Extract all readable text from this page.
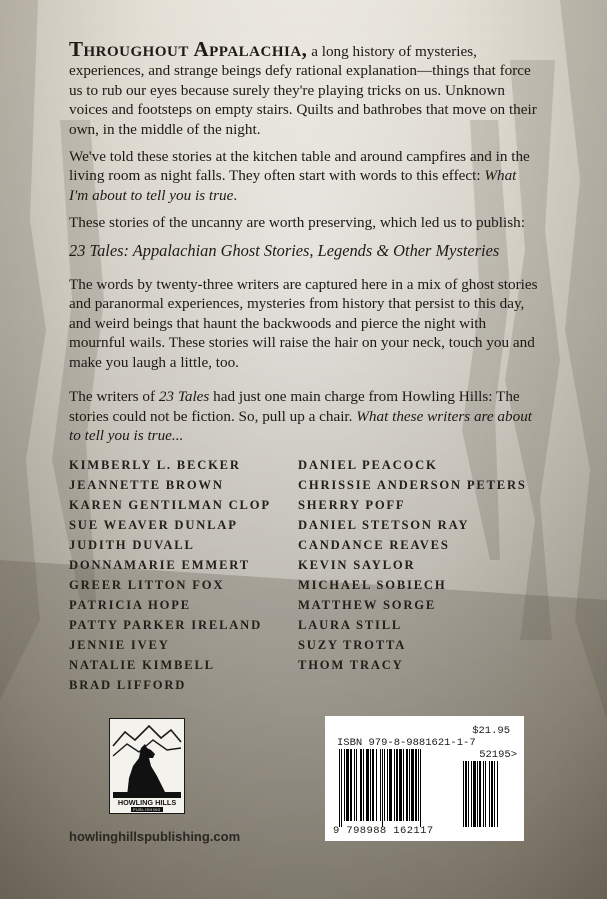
Throughout Appalachia, a long history of mysteries, experiences, and strange beings defy rational explanation—things that force us to rub our eyes because surely they're playing tricks on us. Unknown voices and footsteps on empty stairs. Quilts and bathrobes that move on their own, in the middle of the night.

We've told these stories at the kitchen table and around campfires and in the living room as night falls. They often start with words to this effect: What I'm about to tell you is true.

These stories of the uncanny are worth preserving, which led us to publish:

23 Tales: Appalachian Ghost Stories, Legends & Other Mysteries

The words by twenty-three writers are captured here in a mix of ghost stories and paranormal experiences, mysteries from history that persist to this day, and weird beings that haunt the backwoods and pierce the night with mournful wails. These stories will raise the hair on your neck, touch you and make you laugh a little, too.

The writers of 23 Tales had just one main charge from Howling Hills: The stories could not be fiction. So, pull up a chair. What these writers are about to tell you is true...

KIMBERLY L. BECKER
JEANNETTE BROWN
KAREN GENTILMAN CLOP
SUE WEAVER DUNLAP
JUDITH DUVALL
DONNAMARIE EMMERT
GREER LITTON FOX
PATRICIA HOPE
PATTY PARKER IRELAND
JENNIE IVEY
NATALIE KIMBELL
BRAD LIFFORD
DANIEL PEACOCK
CHRISSIE ANDERSON PETERS
SHERRY POFF
DANIEL STETSON RAY
CANDANCE REAVES
KEVIN SAYLOR
MICHAEL SOBIECH
MATTHEW SORGE
LAURA STILL
SUZY TROTTA
THOM TRACY
HOWLING HILLS
PUBLISHING
howlinghillspublishing.com
$21.95
ISBN 979-8-9881621-1-7
52195>
9 798988 162117
